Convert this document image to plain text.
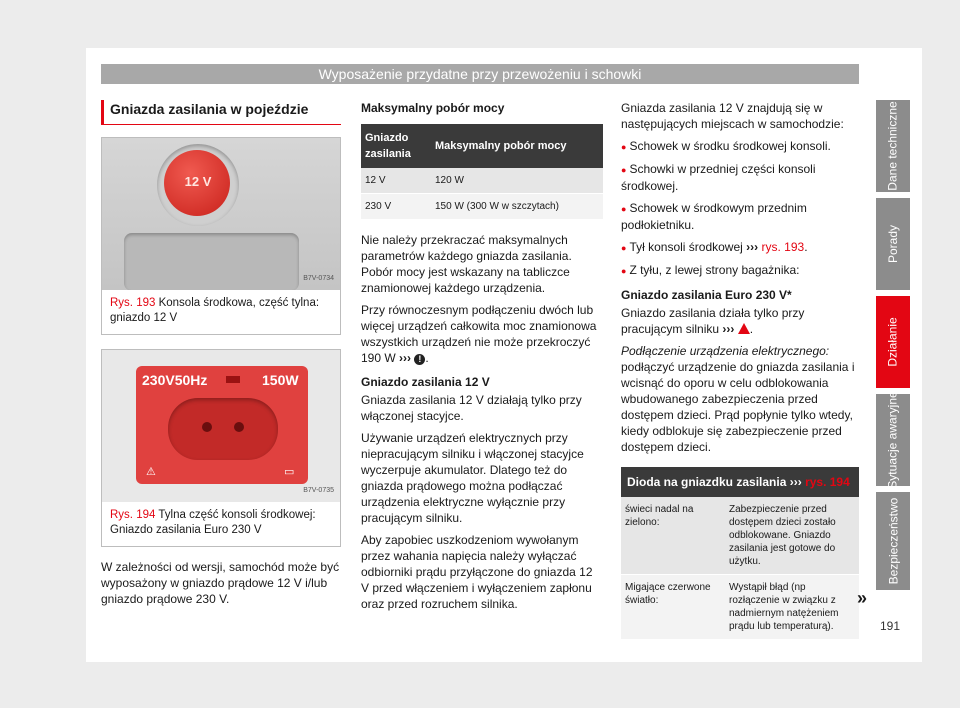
Wyposażenie przydatne przy przewożeniu i schowki
Gniazda zasilania w pojeździe
12 V
B7V-0734
Rys. 193 Konsola środkowa, część tylna: gniazdo 12 V
230V50Hz	150W
⚠	▭
B7V-0735
Rys. 194 Tylna część konsoli środkowej: Gniazdo zasilania Euro 230 V

W zależności od wersji, samochód może być wyposażony w gniazdo prądowe 12 V i/lub gniazdo prądowe 230 V.

Maksymalny pobór mocy
Gniazdo zasilania	Maksymalny pobór mocy
12 V	120 W
230 V	150 W (300 W w szczytach)

Nie należy przekraczać maksymalnych parametrów każdego gniazda zasilania. Pobór mocy jest wskazany na tabliczce znamionowej każdego urządzenia.

Przy równoczesnym podłączeniu dwóch lub więcej urządzeń całkowita moc znamionowa wszystkich urządzeń nie może przekroczyć 190 W ››› ! .

Gniazdo zasilania 12 V

Gniazda zasilania 12 V działają tylko przy włączonej stacyjce.

Używanie urządzeń elektrycznych przy niepracującym silniku i włączonej stacyjce wyczerpuje akumulator. Dlatego też do gniazda prądowego można podłączać urządzenia elektryczne wyłącznie przy pracującym silniku.

Aby zapobiec uszkodzeniom wywołanym przez wahania napięcia należy wyłączać odbiorniki prądu przyłączone do gniazda 12 V przed włączeniem i wyłączeniem zapłonu oraz przed rozruchem silnika.

Gniazda zasilania 12 V znajdują się w następujących miejscach w samochodzie:

● Schowek w środku środkowej konsoli.

● Schowki w przedniej części konsoli środkowej.

● Schowek w środkowym przednim podłokietniku.

● Tył konsoli środkowej ››› rys. 193.

● Z tyłu, z lewej strony bagażnika:

Gniazdo zasilania Euro 230 V*

Gniazdo zasilania działa tylko przy pracującym silniku ››› .

Podłączenie urządzenia elektrycznego:

podłączyć urządzenie do gniazda zasilania i wcisnąć do oporu w celu odblokowania wbudowanego zabezpieczenia przed dostępem dzieci. Prąd popłynie tylko wtedy, kiedy odblokuje się zabezpieczenie przed dostępem dzieci.

Dioda na gniazdku zasilania ››› rys. 194
świeci nadal na zielono:	Zabezpieczenie przed dostępem dzieci zostało odblokowane. Gniazdo zasilania jest gotowe do użytku.
Migające czerwone światło:	Wystąpił błąd (np rozłączenie w związku z nadmiernym natężeniem prądu lub temperaturą).
»
Dane techniczne
Porady
Działanie
Sytuacje awaryjne
Bezpieczeństwo
191
